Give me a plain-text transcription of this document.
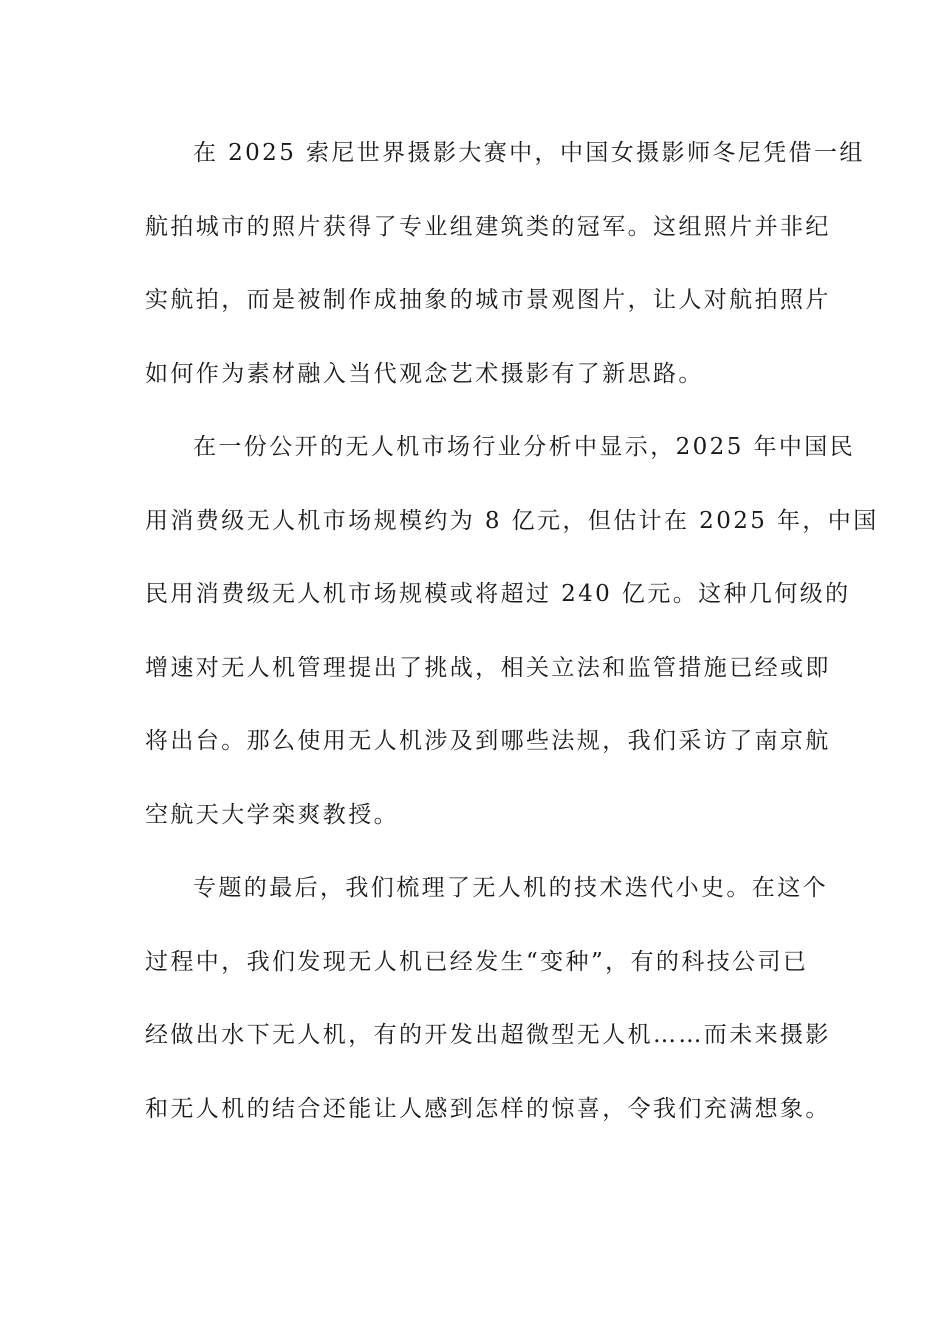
在 2025 索尼世界摄影大赛中，中国女摄影师冬尼凭借一组
航拍城市的照片获得了专业组建筑类的冠军。这组照片并非纪
实航拍，而是被制作成抽象的城市景观图片，让人对航拍照片
如何作为素材融入当代观念艺术摄影有了新思路。
在一份公开的无人机市场行业分析中显示，2025 年中国民
用消费级无人机市场规模约为 8 亿元，但估计在 2025 年，中国
民用消费级无人机市场规模或将超过 240 亿元。这种几何级的
增速对无人机管理提出了挑战，相关立法和监管措施已经或即
将出台。那么使用无人机涉及到哪些法规，我们采访了南京航
空航天大学栾爽教授。
专题的最后，我们梳理了无人机的技术迭代小史。在这个
过程中，我们发现无人机已经发生“变种”，有的科技公司已
经做出水下无人机，有的开发出超微型无人机……而未来摄影
和无人机的结合还能让人感到怎样的惊喜，令我们充满想象。
